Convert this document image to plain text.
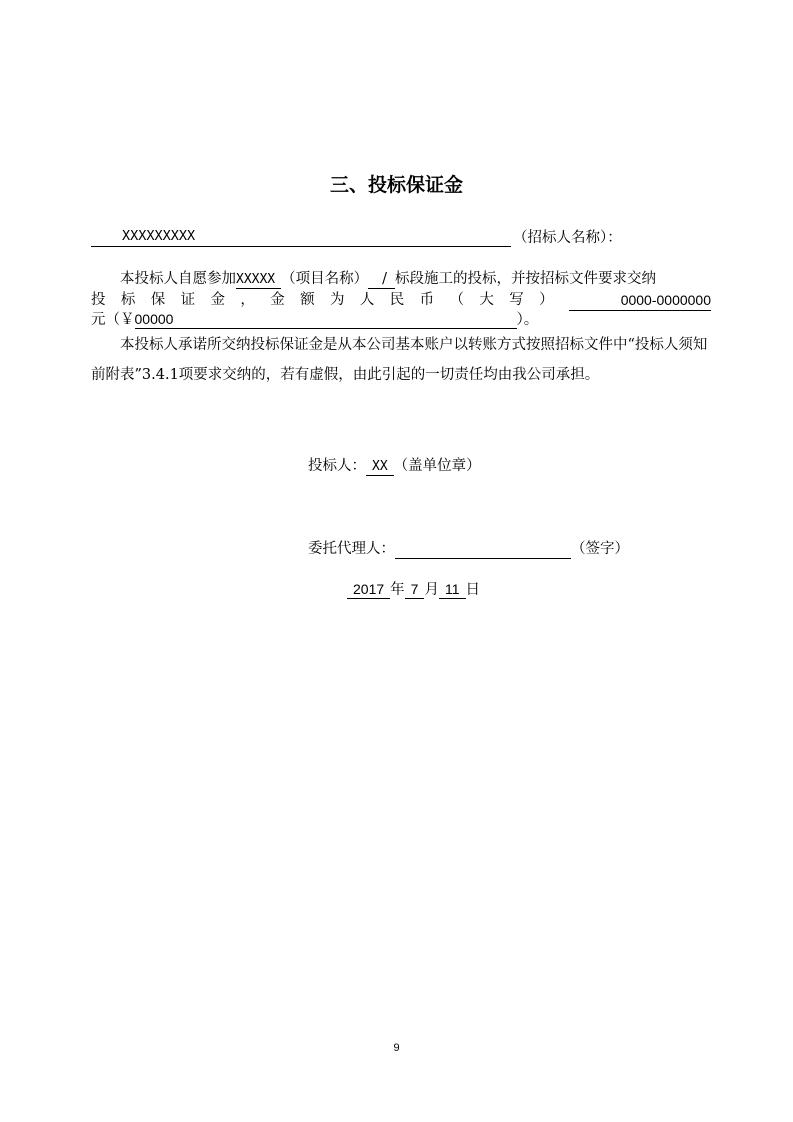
三、投标保证金
XXXXXXXXX	（招标人名称）：
本投标人自愿参加XXXXX （项目名称） / 标段施工的投标，并按招标文件要求交纳
投 标 保 证 金 ， 金 额 为 人 民 币 （ 大 写 ）	0000-0000000
元（￥00000	）。
本投标人承诺所交纳投标保证金是从本公司基本账户以转账方式按照招标文件中“投标人须知前附表”3.4.1项要求交纳的，若有虚假，由此引起的一切责任均由我公司承担。
投标人： XX （盖单位章）
委托代理人：	（签字）
2017 年 7 月 11 日
9
